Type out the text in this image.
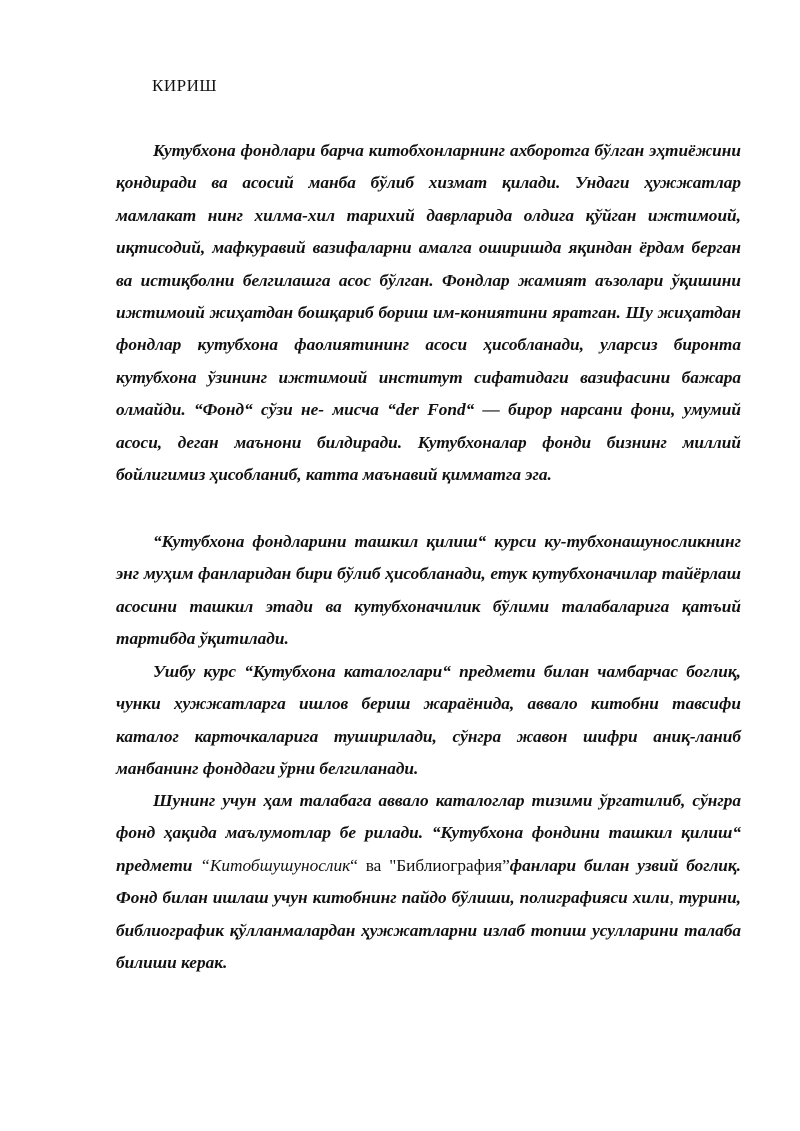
КИРИШ

Кутубхона фондлари барча китобхонларнинг ахборотга бўлган эҳтиёжини қондиради ва асосий манба бўлиб хизмат қилади. Ундаги ҳужжатлар мамлакат нинг хилма-хил тарихий даврларида олдига қўйган ижтимоий, иқтисодий, мафкуравий вазифаларни амалга оширишда яқиндан ёрдам берган ва истиқболни белгилашга асос бўлган. Фондлар жамият аъзолари ўқишини ижтимоий жиҳатдан бошқариб бориш им-кониятини яратган. Шу жиҳатдан фондлар кутубхона фаолиятининг асоси ҳисобланади, уларсиз биронта кутубхона ўзининг ижтимоий институт сифатидаги вазифасини бажара олмайди. “Фонд“ сўзи не- мисча “der Fond“ — бирор нарсани фони, умумий асоси, деган маънони билдиради. Кутубхоналар фонди бизнинг миллий бойлигимиз ҳисобланиб, катта маънавий қимматга эга.

“Кутубхона фондларини ташкил қилиш“ курси ку-тубхонашуносликнинг энг муҳим фанларидан бири бўлиб ҳисобланади, етук кутубхоначилар тайёрлаш асосини ташкил этади ва кутубхоначилик бўлими талабаларига қатъий тартибда ўқитилади.

Ушбу курс “Кутубхона каталоглари“ предмети билан чамбарчас боглиқ, чунки хужжатларга ишлов бериш жараёнида, аввало китобни тавсифи каталог карточкаларига туширилади, сўнгра жавон шифри аниқ-ланиб манбанинг фонддаги ўрни белгиланади.

Шунинг учун ҳам талабага аввало каталоглар тизими ўргатилиб, сўнгра фонд ҳақида маълумотлар бе рилади. “Кутубхона фондини ташкил қилиш“ предмети “Китобшушунослик“ ва "Библиография”фанлари билан узвий боглиқ. Фонд билан ишлаш учун китобнинг пайдо бўлиши, полиграфияси хили, турини, библиографик қўлланмалардан ҳужжатларни излаб топиш усулларини талаба билиши керак.
